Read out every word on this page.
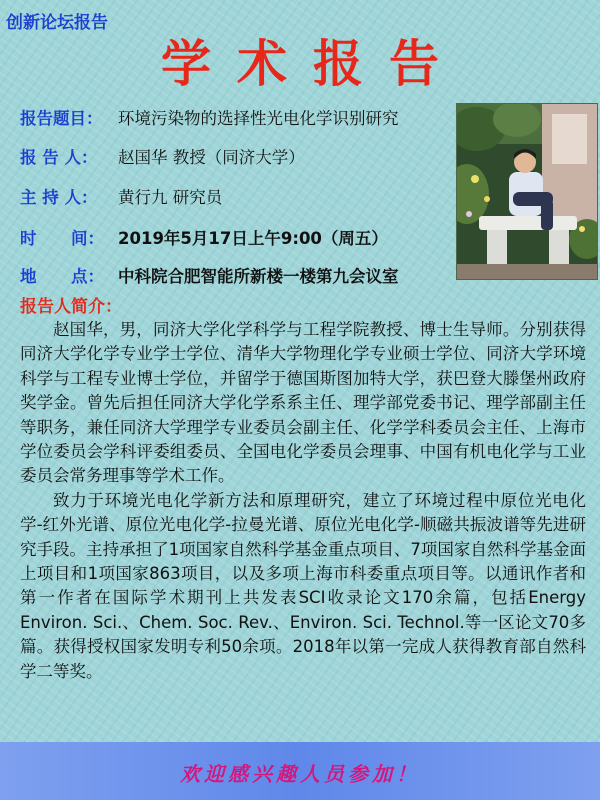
创新论坛报告
学术报告
报告题目： 环境污染物的选择性光电化学识别研究
报 告 人： 赵国华 教授（同济大学）
主 持 人： 黄行九 研究员
时      间： 2019年5月17日上午9:00（周五）
地      点： 中科院合肥智能所新楼一楼第九会议室
报告人简介：

赵国华，男，同济大学化学科学与工程学院教授、博士生导师。分别获得同济大学化学专业学士学位、清华大学物理化学专业硕士学位、同济大学环境科学与工程专业博士学位，并留学于德国斯图加特大学，获巴登大滕堡州政府奖学金。曾先后担任同济大学化学系系主任、理学部党委书记、理学部副主任等职务，兼任同济大学理学专业委员会副主任、化学学科委员会主任、上海市学位委员会学科评委组委员、全国电化学委员会理事、中国有机电化学与工业委员会常务理事等学术工作。

致力于环境光电化学新方法和原理研究，建立了环境过程中原位光电化学-红外光谱、原位光电化学-拉曼光谱、原位光电化学-顺磁共振波谱等先进研究手段。主持承担了1项国家自然科学基金重点项目、7项国家自然科学基金面上项目和1项国家863项目，以及多项上海市科委重点项目等。以通讯作者和第一作者在国际学术期刊上共发表SCI收录论文170余篇，包括Energy Environ. Sci.、Chem. Soc. Rev.、Environ. Sci. Technol.等一区论文70多篇。获得授权国家发明专利50余项。2018年以第一完成人获得教育部自然科学二等奖。

欢迎感兴趣人员参加！
